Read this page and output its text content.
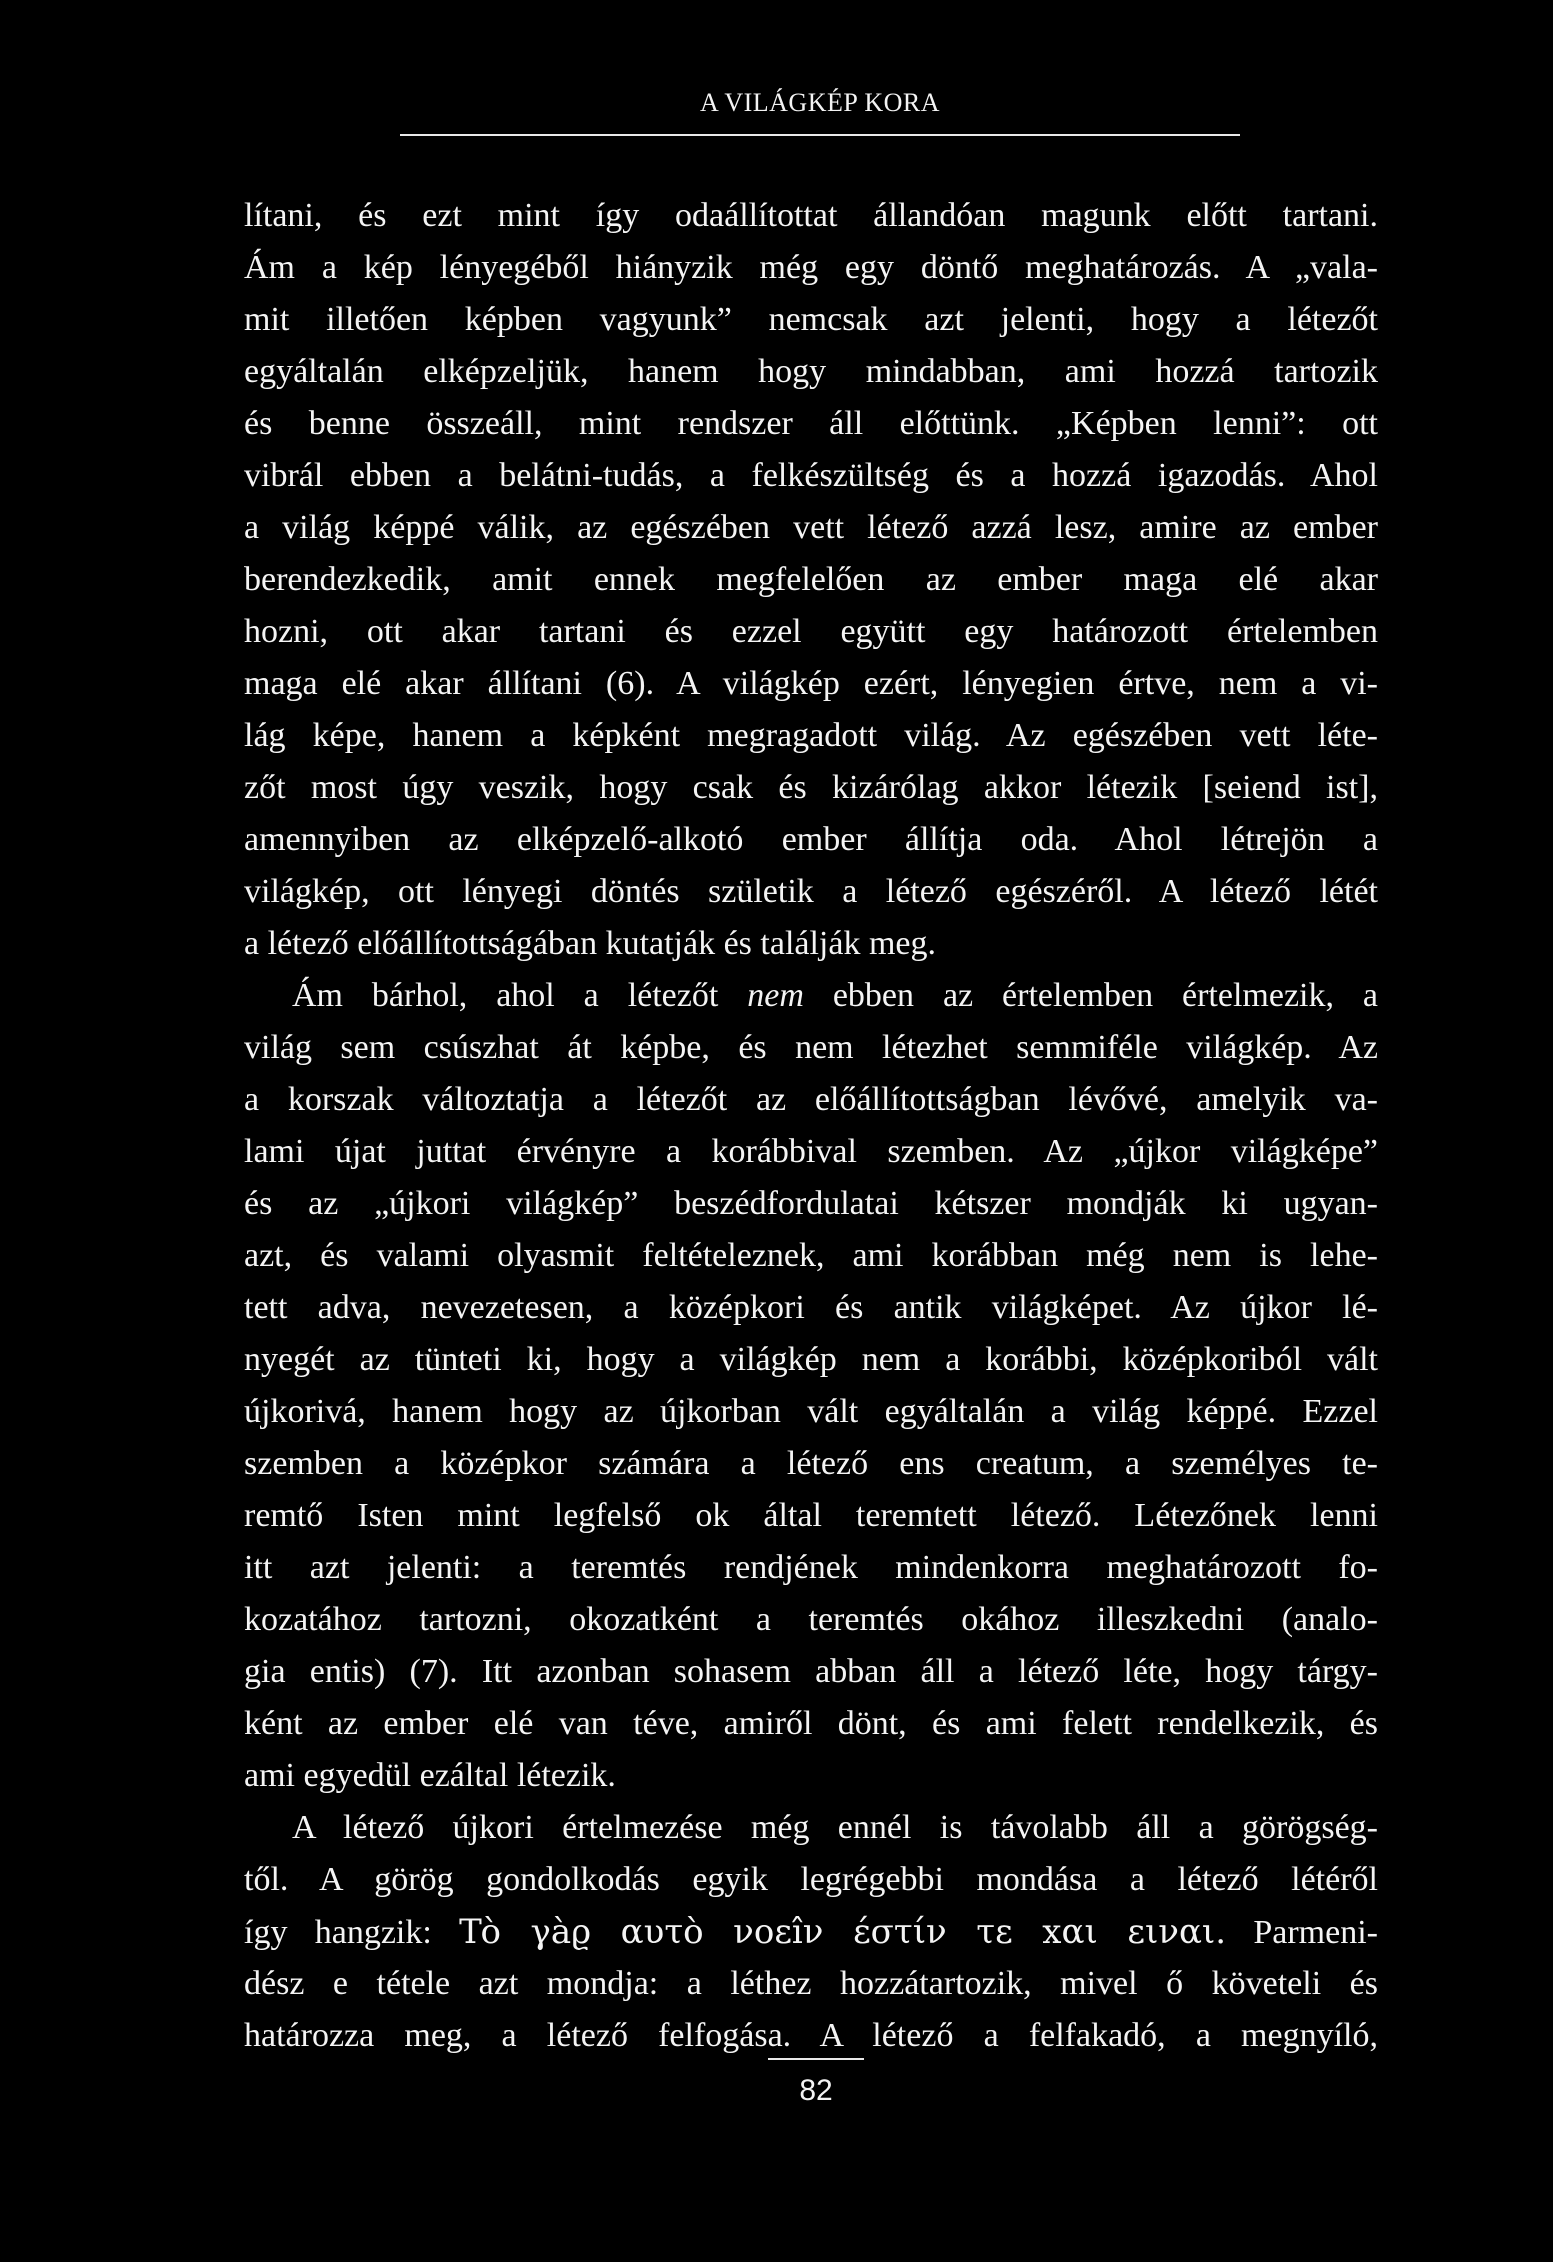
A VILÁGKÉP KORA
lítani, és ezt mint így odaállítottat állandóan magunk előtt tartani.
Ám a kép lényegéből hiányzik még egy döntő meghatározás. A „vala-
mit illetően képben vagyunk” nemcsak azt jelenti, hogy a létezőt
egyáltalán elképzeljük, hanem hogy mindabban, ami hozzá tartozik
és benne összeáll, mint rendszer áll előttünk. „Képben lenni”: ott
vibrál ebben a belátni-tudás, a felkészültség és a hozzá igazodás. Ahol
a világ képpé válik, az egészében vett létező azzá lesz, amire az ember
berendezkedik, amit ennek megfelelően az ember maga elé akar
hozni, ott akar tartani és ezzel együtt egy határozott értelemben
maga elé akar állítani (6). A világkép ezért, lényegien értve, nem a vi-
lág képe, hanem a képként megragadott világ. Az egészében vett léte-
zőt most úgy veszik, hogy csak és kizárólag akkor létezik [seiend ist],
amennyiben az elképzelő-alkotó ember állítja oda. Ahol létrejön a
világkép, ott lényegi döntés születik a létező egészéről. A létező létét
a létező előállítottságában kutatják és találják meg.
Ám bárhol, ahol a létezőt nem ebben az értelemben értelmezik, a
világ sem csúszhat át képbe, és nem létezhet semmiféle világkép. Az
a korszak változtatja a létezőt az előállítottságban lévővé, amelyik va-
lami újat juttat érvényre a korábbival szemben. Az „újkor világképe”
és az „újkori világkép” beszédfordulatai kétszer mondják ki ugyan-
azt, és valami olyasmit feltételeznek, ami korábban még nem is lehe-
tett adva, nevezetesen, a középkori és antik világképet. Az újkor lé-
nyegét az tünteti ki, hogy a világkép nem a korábbi, középkoriból vált
újkorivá, hanem hogy az újkorban vált egyáltalán a világ képpé. Ezzel
szemben a középkor számára a létező ens creatum, a személyes te-
remtő Isten mint legfelső ok által teremtett létező. Létezőnek lenni
itt azt jelenti: a teremtés rendjének mindenkorra meghatározott fo-
kozatához tartozni, okozatként a teremtés okához illeszkedni (analo-
gia entis) (7). Itt azonban sohasem abban áll a létező léte, hogy tárgy-
ként az ember elé van téve, amiről dönt, és ami felett rendelkezik, és
ami egyedül ezáltal létezik.
A létező újkori értelmezése még ennél is távolabb áll a görögség-
től. A görög gondolkodás egyik legrégebbi mondása a létező létéről
így hangzik: Tò γàϱ αυτò νοεîν έστίν τε xαι ειναι. Parmeni-
dész e tétele azt mondja: a léthez hozzátartozik, mivel ő követeli és
határozza meg, a létező felfogása. A létező a felfakadó, a megnyíló,
82
